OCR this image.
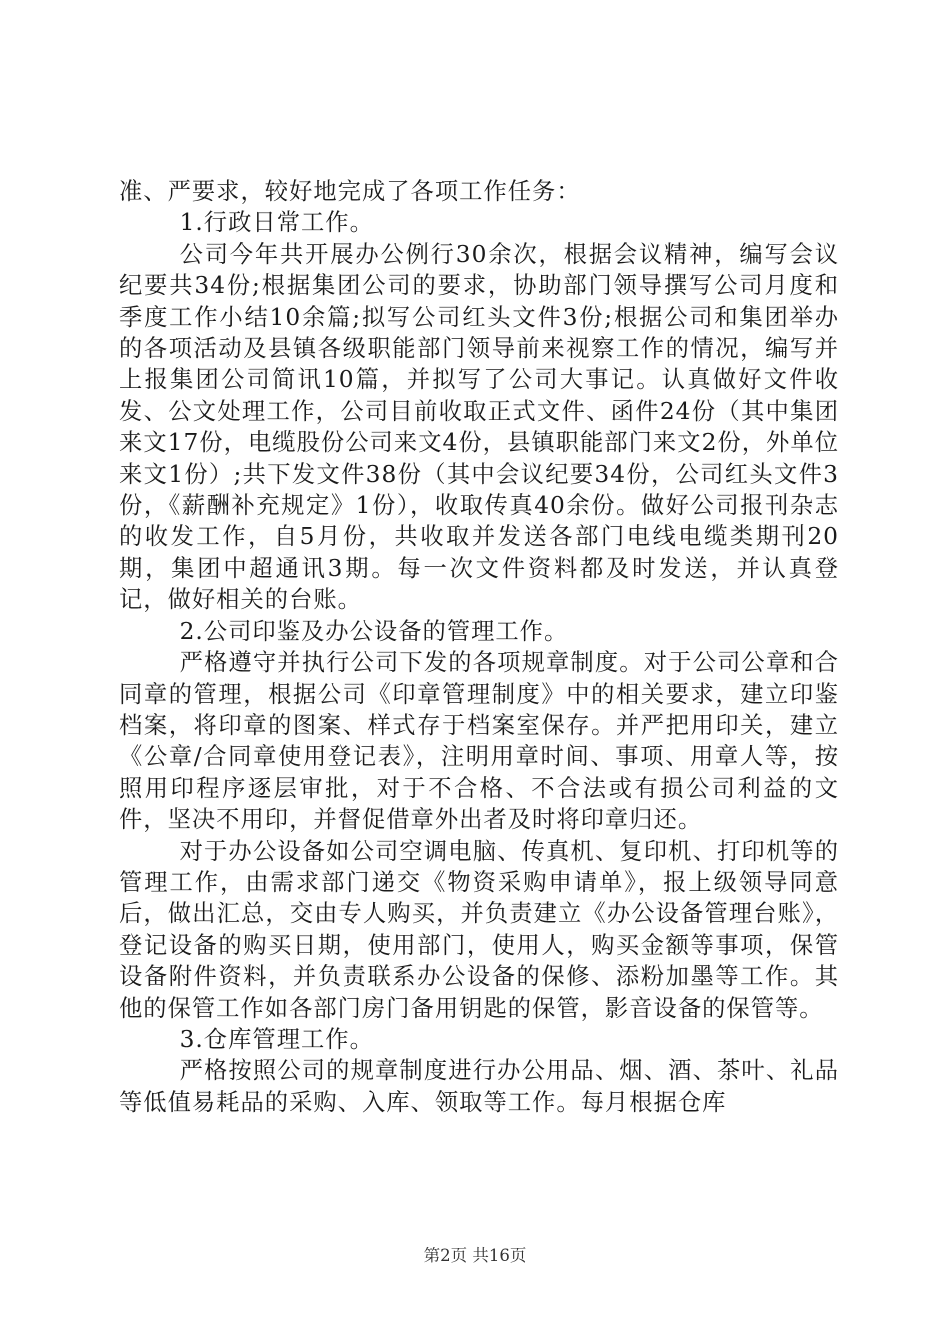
准、严要求，较好地完成了各项工作任务：

1.行政日常工作。

公司今年共开展办公例行30余次，根据会议精神，编写会议纪要共34份;根据集团公司的要求，协助部门领导撰写公司月度和季度工作小结10余篇;拟写公司红头文件3份;根据公司和集团举办的各项活动及县镇各级职能部门领导前来视察工作的情况，编写并上报集团公司简讯10篇，并拟写了公司大事记。认真做好文件收发、公文处理工作，公司目前收取正式文件、函件24份（其中集团来文17份，电缆股份公司来文4份，县镇职能部门来文2份，外单位来文1份）;共下发文件38份（其中会议纪要34份，公司红头文件3份，《薪酬补充规定》1份），收取传真40余份。做好公司报刊杂志的收发工作，自5月份，共收取并发送各部门电线电缆类期刊20期，集团中超通讯3期。每一次文件资料都及时发送，并认真登记，做好相关的台账。

2.公司印鉴及办公设备的管理工作。

严格遵守并执行公司下发的各项规章制度。对于公司公章和合同章的管理，根据公司《印章管理制度》中的相关要求，建立印鉴档案，将印章的图案、样式存于档案室保存。并严把用印关，建立《公章/合同章使用登记表》，注明用章时间、事项、用章人等，按照用印程序逐层审批，对于不合格、不合法或有损公司利益的文件，坚决不用印，并督促借章外出者及时将印章归还。

对于办公设备如公司空调电脑、传真机、复印机、打印机等的管理工作，由需求部门递交《物资采购申请单》，报上级领导同意后，做出汇总，交由专人购买，并负责建立《办公设备管理台账》，登记设备的购买日期，使用部门，使用人，购买金额等事项，保管设备附件资料，并负责联系办公设备的保修、添粉加墨等工作。其他的保管工作如各部门房门备用钥匙的保管，影音设备的保管等。

3.仓库管理工作。

严格按照公司的规章制度进行办公用品、烟、酒、茶叶、礼品等低值易耗品的采购、入库、领取等工作。每月根据仓库

第2页 共16页
